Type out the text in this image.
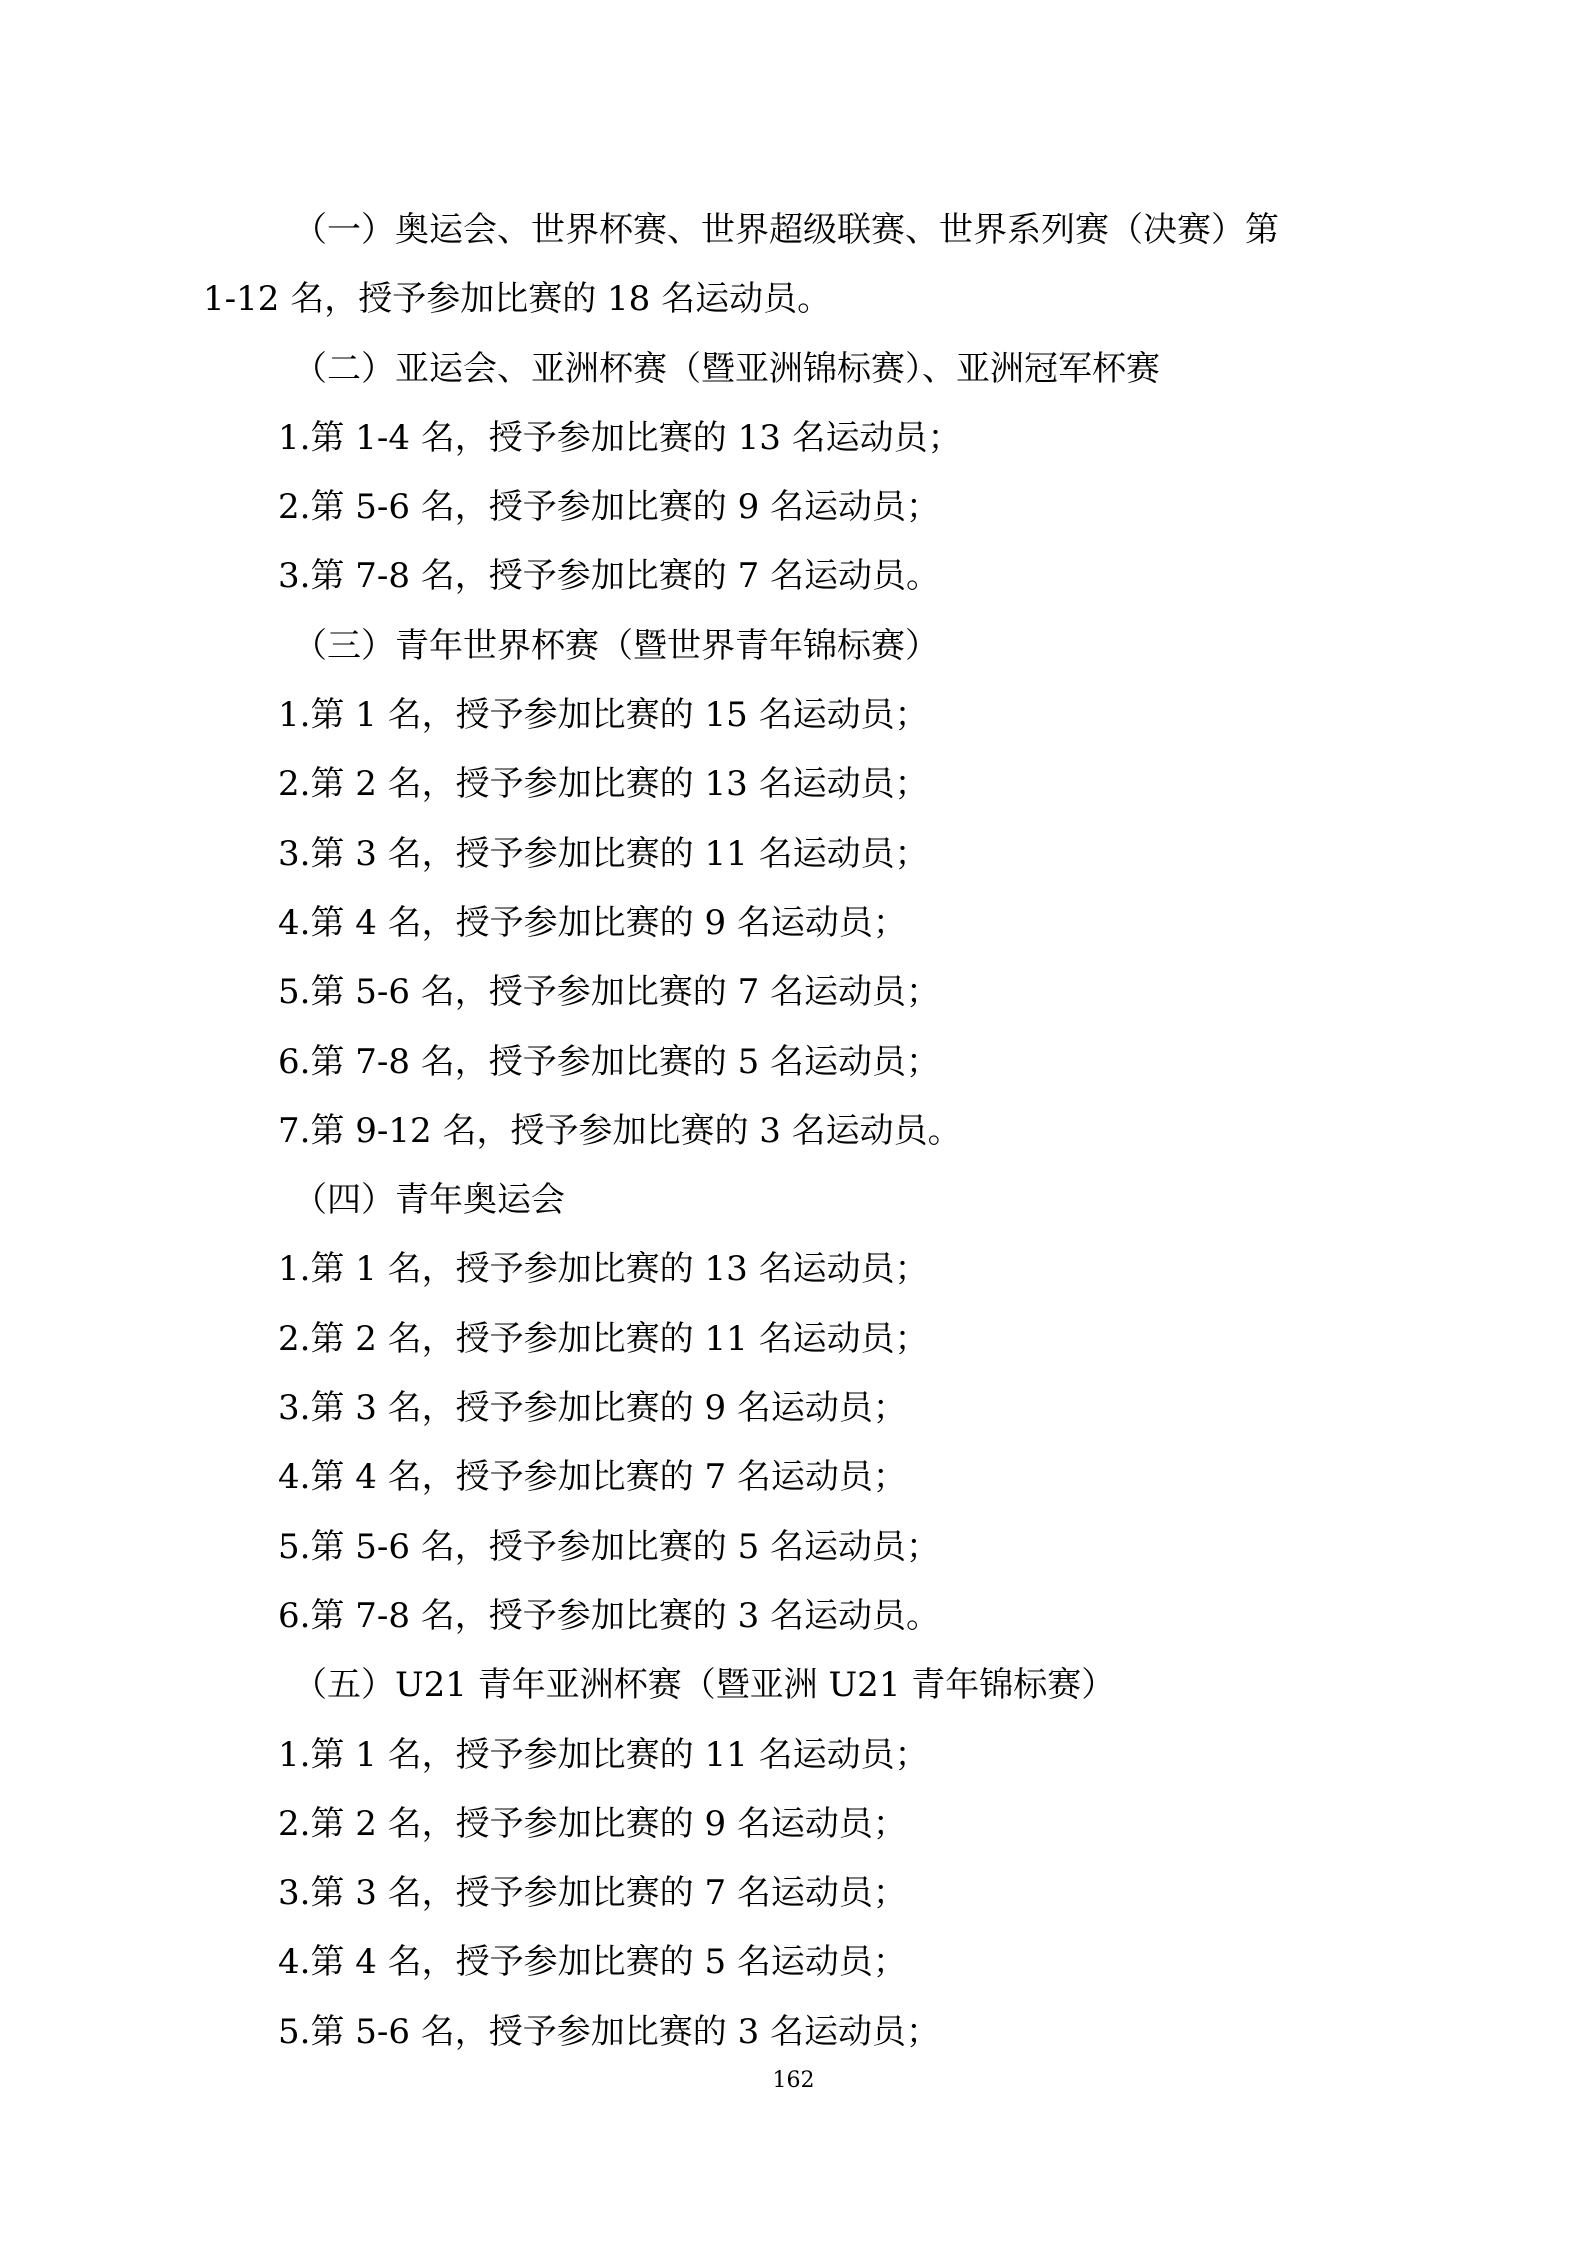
（一）奥运会、世界杯赛、世界超级联赛、世界系列赛（决赛）第
1-12 名，授予参加比赛的 18 名运动员。
（二）亚运会、亚洲杯赛（暨亚洲锦标赛）、亚洲冠军杯赛
1.第 1-4 名，授予参加比赛的 13 名运动员；
2.第 5-6 名，授予参加比赛的 9 名运动员；
3.第 7-8 名，授予参加比赛的 7 名运动员。
（三）青年世界杯赛（暨世界青年锦标赛）
1.第 1 名，授予参加比赛的 15 名运动员；
2.第 2 名，授予参加比赛的 13 名运动员；
3.第 3 名，授予参加比赛的 11 名运动员；
4.第 4 名，授予参加比赛的 9 名运动员；
5.第 5-6 名，授予参加比赛的 7 名运动员；
6.第 7-8 名，授予参加比赛的 5 名运动员；
7.第 9-12 名，授予参加比赛的 3 名运动员。
（四）青年奥运会
1.第 1 名，授予参加比赛的 13 名运动员；
2.第 2 名，授予参加比赛的 11 名运动员；
3.第 3 名，授予参加比赛的 9 名运动员；
4.第 4 名，授予参加比赛的 7 名运动员；
5.第 5-6 名，授予参加比赛的 5 名运动员；
6.第 7-8 名，授予参加比赛的 3 名运动员。
（五）U21 青年亚洲杯赛（暨亚洲 U21 青年锦标赛）
1.第 1 名，授予参加比赛的 11 名运动员；
2.第 2 名，授予参加比赛的 9 名运动员；
3.第 3 名，授予参加比赛的 7 名运动员；
4.第 4 名，授予参加比赛的 5 名运动员；
5.第 5-6 名，授予参加比赛的 3 名运动员；
162
